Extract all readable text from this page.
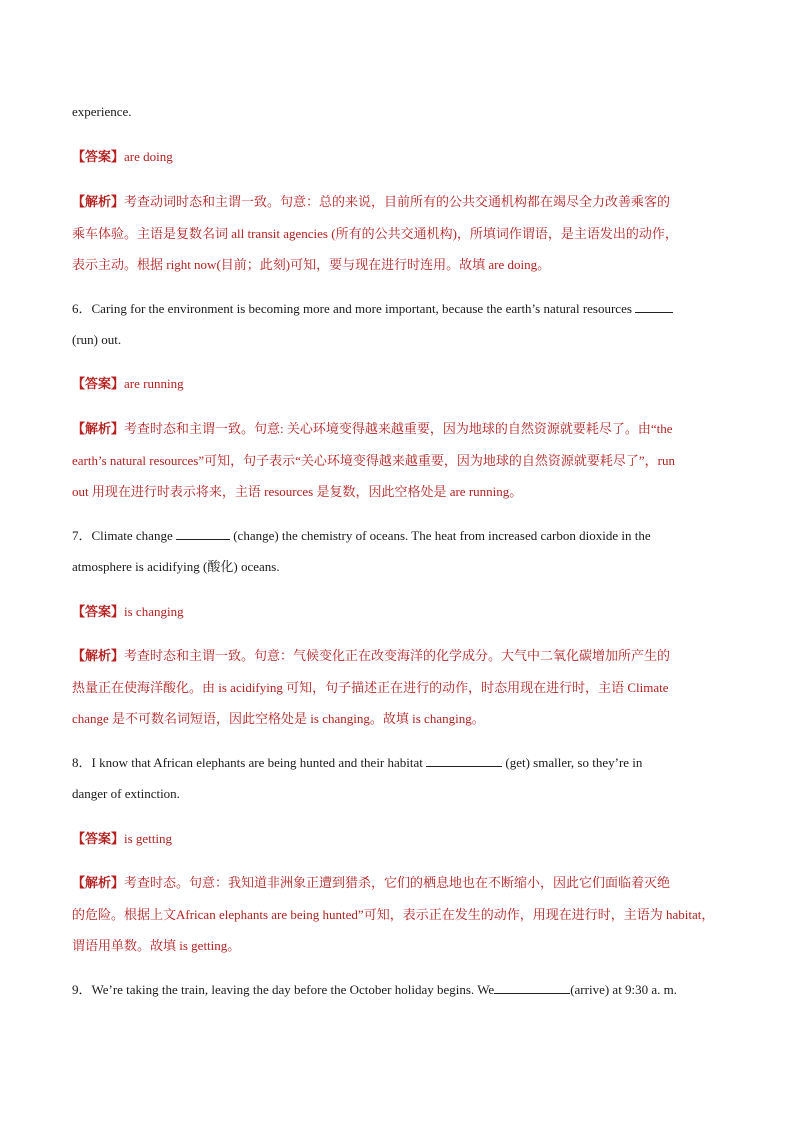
experience.
【答案】are doing
【解析】考查动词时态和主谓一致。句意：总的来说，目前所有的公共交通机构都在竭尽全力改善乘客的
乘车体验。主语是复数名词 all transit agencies (所有的公共交通机构)，所填词作谓语，是主语发出的动作，
表示主动。根据 right now(目前；此刻)可知，要与现在进行时连用。故填 are doing。
6．Caring for the environment is becoming more and more important, because the earth’s natural resources
(run) out.
【答案】are running
【解析】考查时态和主谓一致。句意: 关心环境变得越来越重要，因为地球的自然资源就要耗尽了。由“the
earth’s natural resources”可知，句子表示“关心环境变得越来越重要，因为地球的自然资源就要耗尽了”，run
out 用现在进行时表示将来，主语 resources 是复数，因此空格处是 are running。
7．Climate change	(change) the chemistry of oceans. The heat from increased carbon dioxide in the
atmosphere is acidifying (酸化) oceans.
【答案】is changing
【解析】考查时态和主谓一致。句意：气候变化正在改变海洋的化学成分。大气中二氧化碳增加所产生的
热量正在使海洋酸化。由 is acidifying 可知，句子描述正在进行的动作，时态用现在进行时，主语 Climate
change 是不可数名词短语，因此空格处是 is changing。故填 is changing。
8．I know that African elephants are being hunted and their habitat	(get) smaller, so they’re in
danger of extinction.
【答案】is getting
【解析】考查时态。句意：我知道非洲象正遭到猎杀，它们的栖息地也在不断缩小，因此它们面临着灭绝
的危险。根据上文African elephants are being hunted”可知，表示正在发生的动作，用现在进行时，主语为 habitat，
谓语用单数。故填 is getting。
9．We’re taking the train, leaving the day before the October holiday begins. We	(arrive) at 9:30 a. m.
